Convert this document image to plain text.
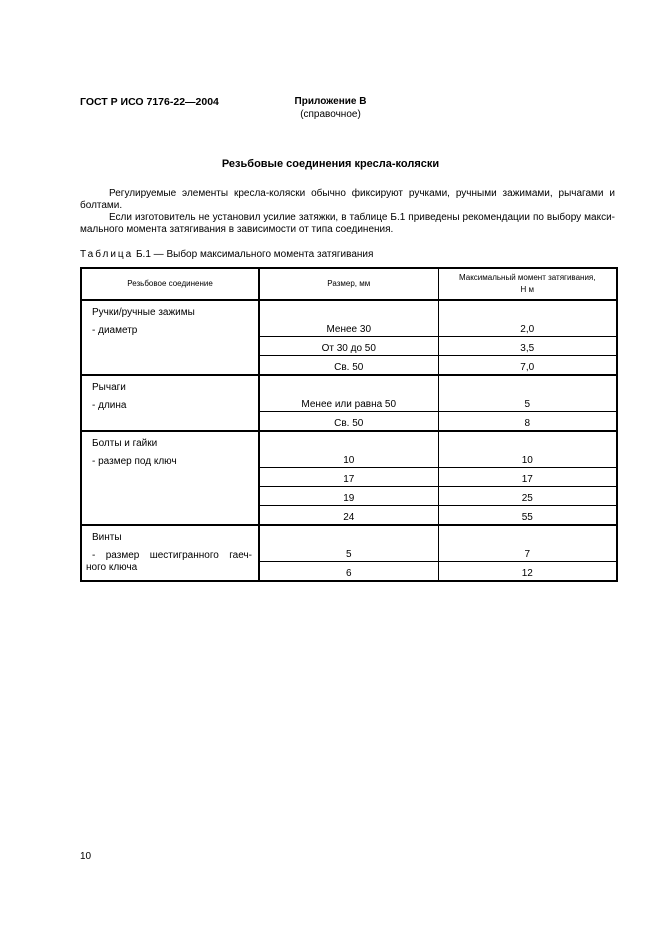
ГОСТ Р ИСО 7176-22—2004	Приложение В
(справочное)
Резьбовые соединения кресла-коляски
Регулируемые элементы кресла-коляски обычно фиксируют ручками, ручными зажимами, рычагами и
болтами.
Если изготовитель не установил усилие затяжки, в таблице Б.1 приведены рекомендации по выбору макси-
мального момента затягивания в зависимости от типа соединения.
Таблица Б.1 — Выбор максимального момента затягивания
Резьбовое соединение	Размер, мм	Максимальный момент затягивания,
Н м

Ручки/ручные зажимы
- диаметр	Менее 30	2,0
	От 30 до 50	3,5
	Св. 50	7,0

Рычаги
- длина	Менее или равна 50	5
	Св. 50	8

Болты и гайки
- размер под ключ	10	10
	17	17
	19	25
	24	55

Винты
- размер шестигранного гаеч-
ного ключа	5	7
	6	12
10
